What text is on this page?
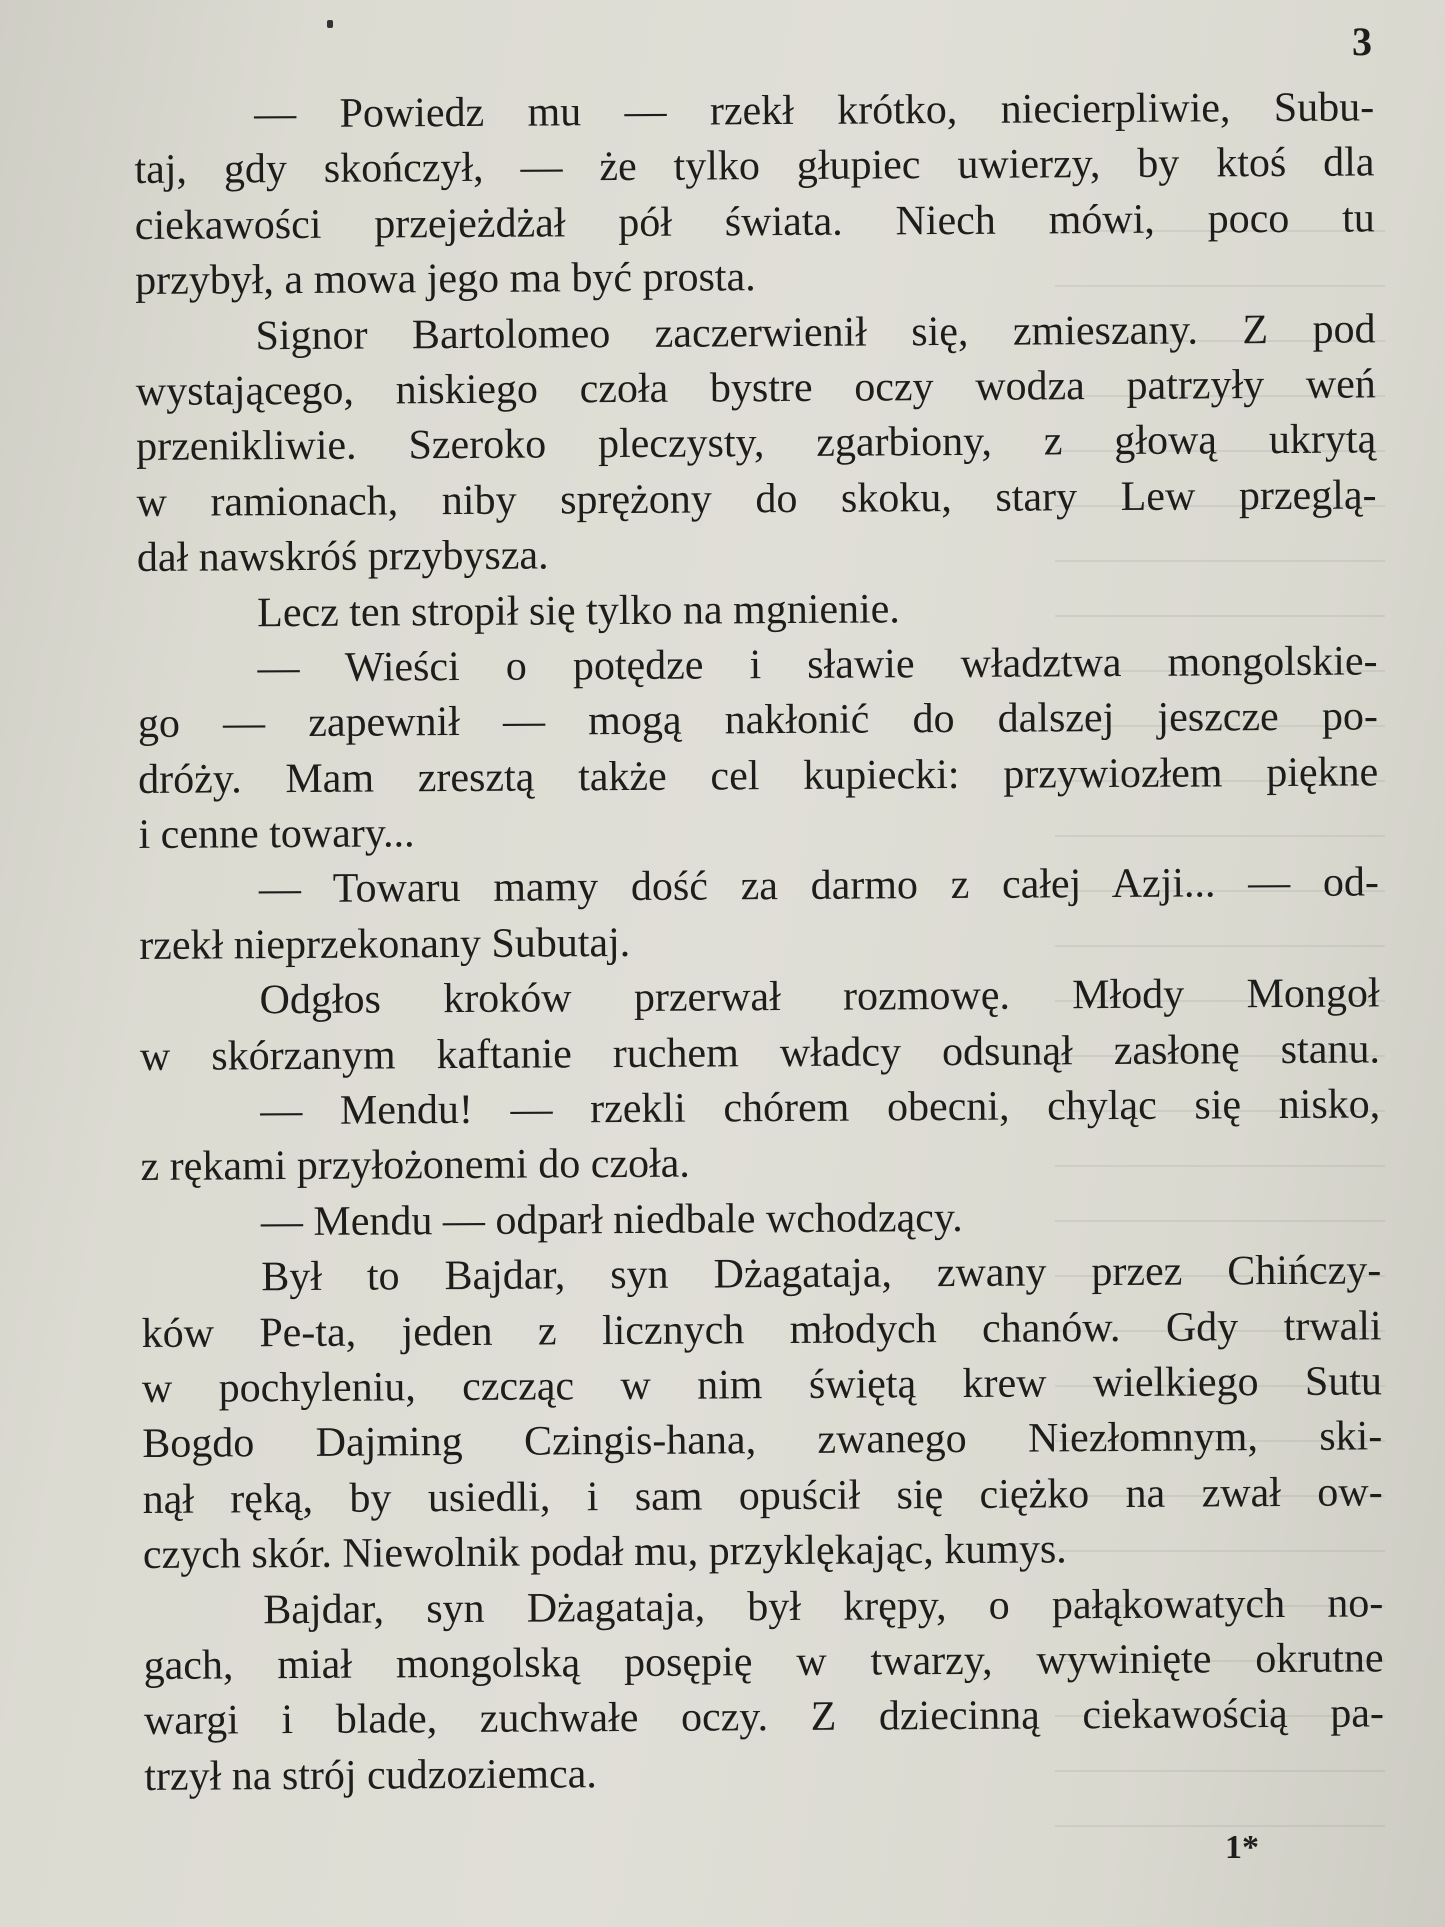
3
— Powiedz mu — rzekł krótko, niecierpliwie, Subu-
taj, gdy skończył, — że tylko głupiec uwierzy, by ktoś dla
ciekawości przejeżdżał pół świata. Niech mówi, poco tu
przybył, a mowa jego ma być prosta.
Signor Bartolomeo zaczerwienił się, zmieszany. Z pod
wystającego, niskiego czoła bystre oczy wodza patrzyły weń
przenikliwie. Szeroko pleczysty, zgarbiony, z głową ukrytą
w ramionach, niby sprężony do skoku, stary Lew przeglą-
dał nawskróś przybysza.
Lecz ten stropił się tylko na mgnienie.
— Wieści o potędze i sławie władztwa mongolskie-
go — zapewnił — mogą nakłonić do dalszej jeszcze po-
dróży. Mam zresztą także cel kupiecki: przywiozłem piękne
i cenne towary...
— Towaru mamy dość za darmo z całej Azji... — od-
rzekł nieprzekonany Subutaj.
Odgłos kroków przerwał rozmowę. Młody Mongoł
w skórzanym kaftanie ruchem władcy odsunął zasłonę stanu.
— Mendu! — rzekli chórem obecni, chyląc się nisko,
z rękami przyłożonemi do czoła.
— Mendu — odparł niedbale wchodzący.
Był to Bajdar, syn Dżagataja, zwany przez Chińczy-
ków Pe-ta, jeden z licznych młodych chanów. Gdy trwali
w pochyleniu, czcząc w nim świętą krew wielkiego Sutu
Bogdo Dajming Czingis-hana, zwanego Niezłomnym, ski-
nął ręką, by usiedli, i sam opuścił się ciężko na zwał ow-
czych skór. Niewolnik podał mu, przyklękając, kumys.
Bajdar, syn Dżagataja, był krępy, o pałąkowatych no-
gach, miał mongolską posępię w twarzy, wywinięte okrutne
wargi i blade, zuchwałe oczy. Z dziecinną ciekawością pa-
trzył na strój cudzoziemca.
1*
